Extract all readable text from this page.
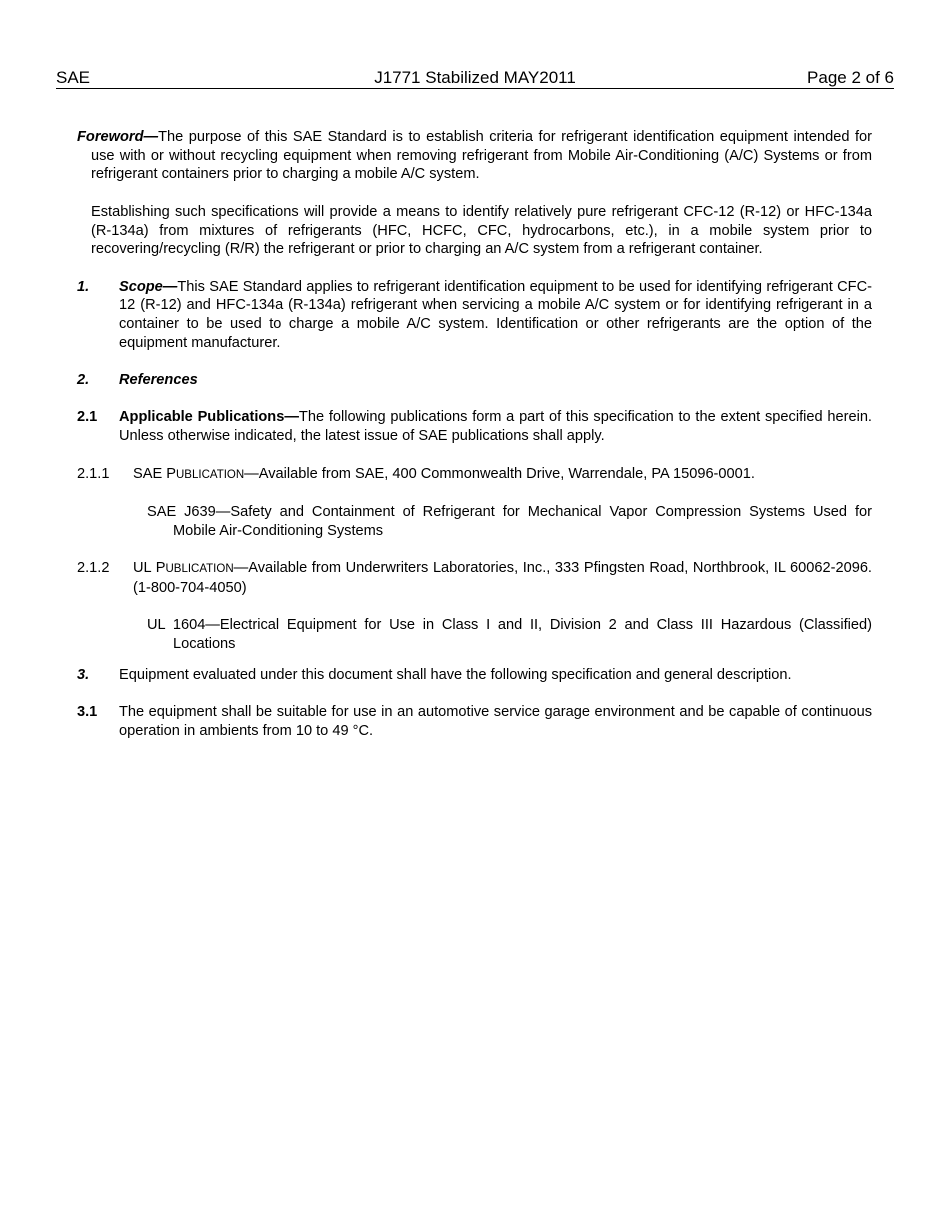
SAE	J1771 Stabilized MAY2011	Page 2 of 6

Foreword—The purpose of this SAE Standard is to establish criteria for refrigerant identification equipment intended for use with or without recycling equipment when removing refrigerant from Mobile Air-Conditioning (A/C) Systems or from refrigerant containers prior to charging a mobile A/C system.

Establishing such specifications will provide a means to identify relatively pure refrigerant CFC-12 (R-12) or HFC-134a (R-134a) from mixtures of refrigerants (HFC, HCFC, CFC, hydrocarbons, etc.), in a mobile system prior to recovering/recycling (R/R) the refrigerant or prior to charging an A/C system from a refrigerant container.

1.	Scope—This SAE Standard applies to refrigerant identification equipment to be used for identifying refrigerant CFC-12 (R-12) and HFC-134a (R-134a) refrigerant when servicing a mobile A/C system or for identifying refrigerant in a container to be used to charge a mobile A/C system. Identification or other refrigerants are the option of the equipment manufacturer.
2.	References
2.1	Applicable Publications—The following publications form a part of this specification to the extent specified herein. Unless otherwise indicated, the latest issue of SAE publications shall apply.
2.1.1	SAE PUBLICATION—Available from SAE, 400 Commonwealth Drive, Warrendale, PA 15096-0001.

SAE J639—Safety and Containment of Refrigerant for Mechanical Vapor Compression Systems Used for Mobile Air-Conditioning Systems

2.1.2	UL PUBLICATION—Available from Underwriters Laboratories, Inc., 333 Pfingsten Road, Northbrook, IL 60062-2096. (1-800-704-4050)

UL 1604—Electrical Equipment for Use in Class I and II, Division 2 and Class III Hazardous (Classified) Locations

3.	Equipment evaluated under this document shall have the following specification and general description.
3.1	The equipment shall be suitable for use in an automotive service garage environment and be capable of continuous operation in ambients from 10 to 49 °C.
